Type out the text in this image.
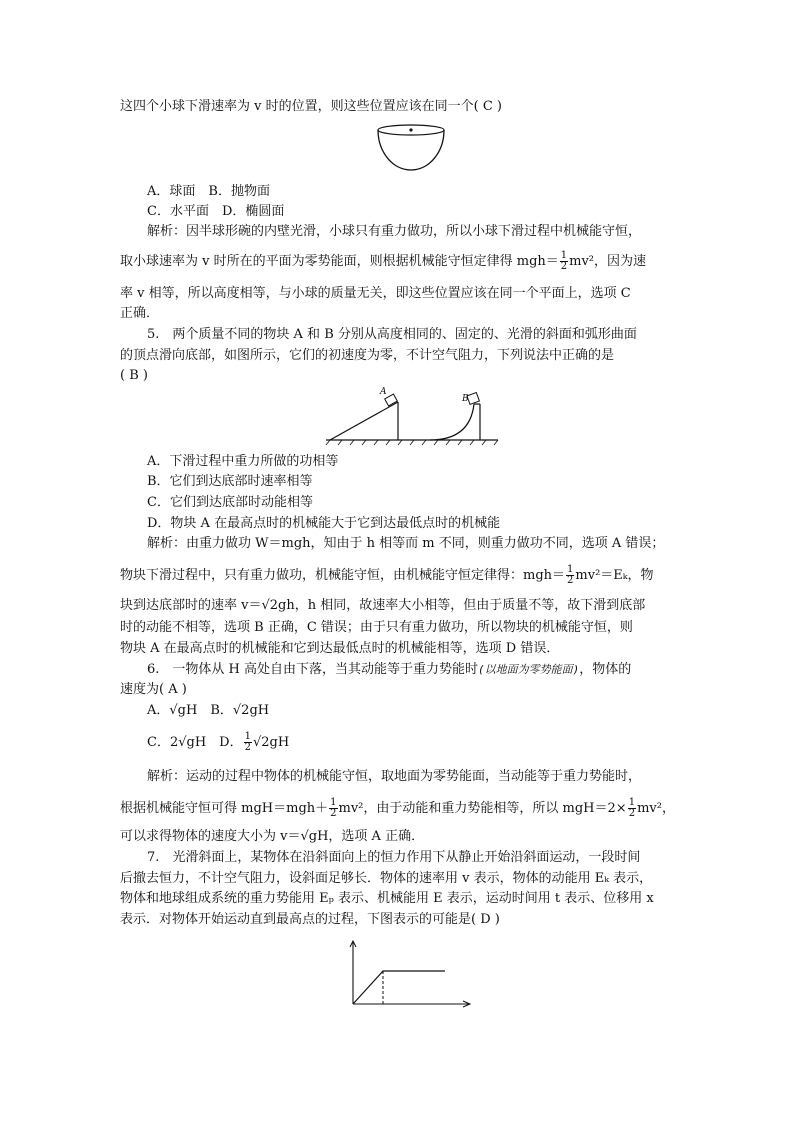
这四个小球下滑速率为 v 时的位置，则这些位置应该在同一个( C )
A．球面　B．抛物面
C．水平面　D．椭圆面
解析：因半球形碗的内壁光滑，小球只有重力做功，所以小球下滑过程中机械能守恒，
取小球速率为 v 时所在的平面为零势能面，则根据机械能守恒定律得 $mgh= \frac{1}{2} mv^2$，因为速
率 v 相等，所以高度相等，与小球的质量无关，即这些位置应该在同一个平面上，选项 C
正确．
5.　两个质量不同的物块 A 和 B 分别从高度相同的、固定的、光滑的斜面和弧形曲面
的顶点滑向底部，如图所示，它们的初速度为零，不计空气阻力，下列说法中正确的是
( B )
A
B
A．下滑过程中重力所做的功相等
B．它们到达底部时速率相等
C．它们到达底部时动能相等
D．物块 A 在最高点时的机械能大于它到达最低点时的机械能
解析：由重力做功 W＝mgh，知由于 h 相等而 m 不同，则重力做功不同，选项 A 错误；
物块下滑过程中，只有重力做功，机械能守恒，由机械能守恒定律得：$mgh= \frac{1}{2} mv^2=E_k$，物
块到达底部时的速率 v＝√2gh，h 相同，故速率大小相等，但由于质量不等，故下滑到底部
时的动能不相等，选项 B 正确，C 错误；由于只有重力做功，所以物块的机械能守恒，则
物块 A 在最高点时的机械能和它到达最低点时的机械能相等，选项 D 错误．
6.　一物体从 H 高处自由下落，当其动能等于重力势能时(以地面为零势能面)，物体的
速度为( A )
A．√gH　B．√2gH
C．2√gH　D． $\frac{1}{2} √2gH$
解析：运动的过程中物体的机械能守恒，取地面为零势能面，当动能等于重力势能时，
根据机械能守恒可得 $mgH=mgh+ \frac{1}{2} mv^2$，由于动能和重力势能相等，所以 $mgH=2\times \frac{1}{2} mv^2$，
可以求得物体的速度大小为 v＝√gH，选项 A 正确．
7.　光滑斜面上，某物体在沿斜面向上的恒力作用下从静止开始沿斜面运动，一段时间
后撤去恒力，不计空气阻力，设斜面足够长．物体的速率用 v 表示，物体的动能用 Eₖ 表示，
物体和地球组成系统的重力势能用 Eₚ 表示、机械能用 E 表示，运动时间用 t 表示、位移用 x
表示．对物体开始运动直到最高点的过程，下图表示的可能是( D )
